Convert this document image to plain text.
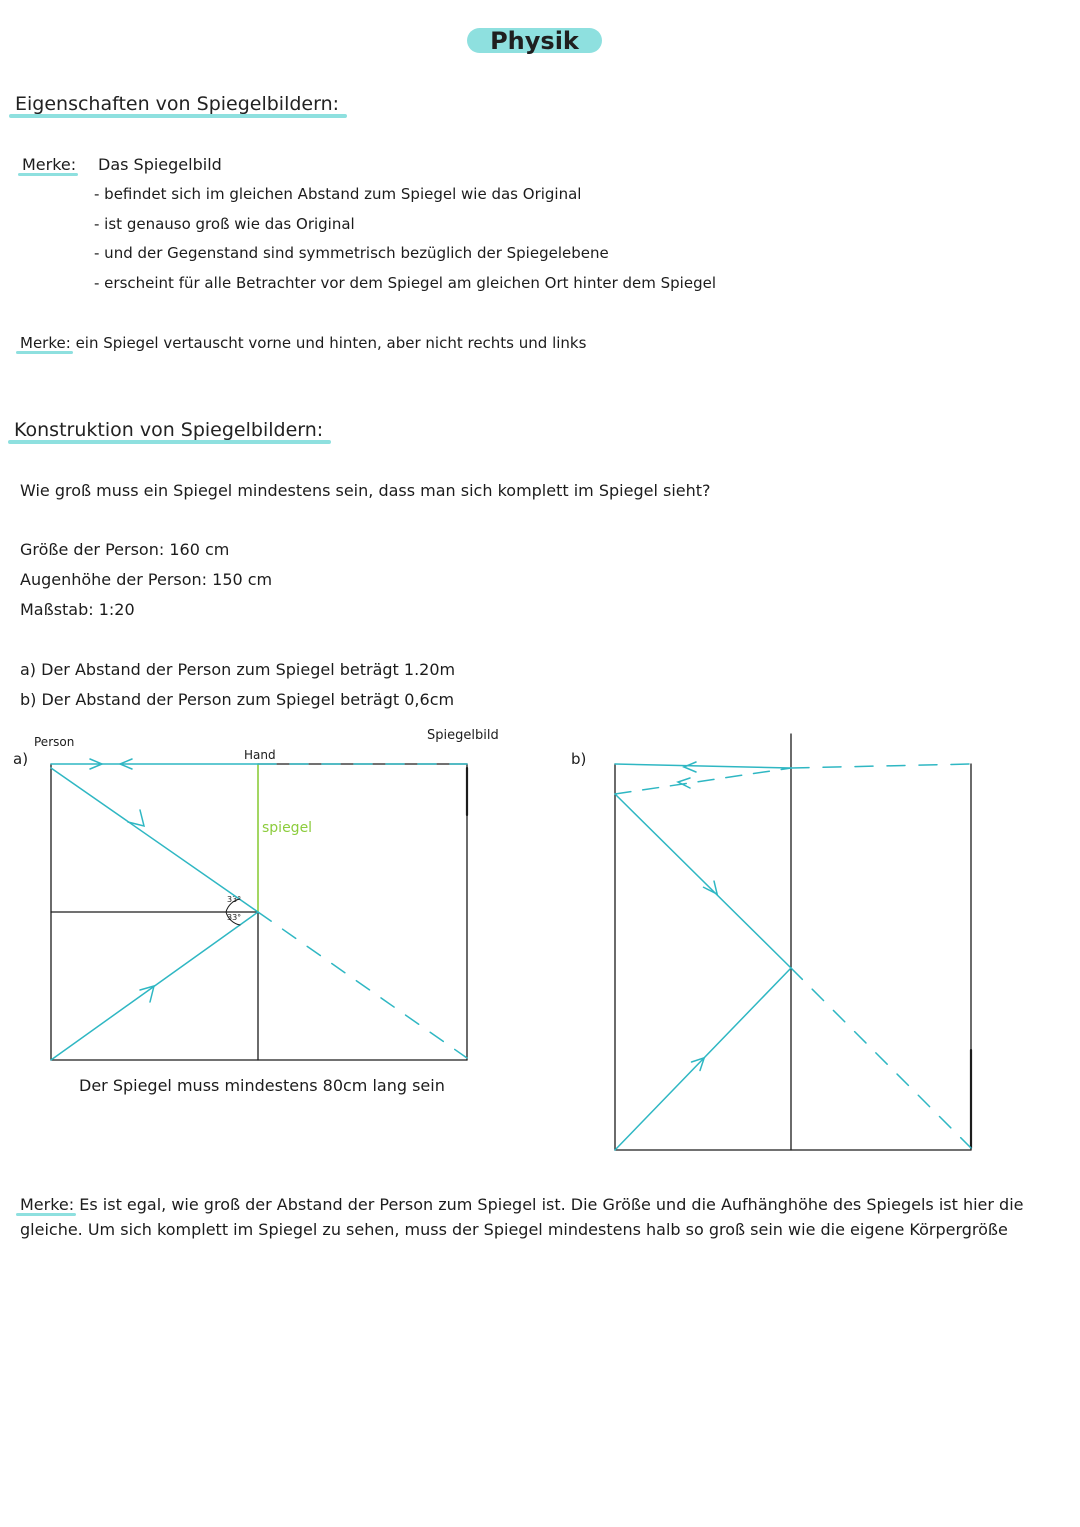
Physik
Eigenschaften von Spiegelbildern:
Merke: Das Spiegelbild
- befindet sich im gleichen Abstand zum Spiegel wie das Original
- ist genauso groß wie das Original
- und der Gegenstand sind symmetrisch bezüglich der Spiegelebene
- erscheint für alle Betrachter vor dem Spiegel am gleichen Ort hinter dem Spiegel
Merke: ein Spiegel vertauscht vorne und hinten, aber nicht rechts und links
Konstruktion von Spiegelbildern:
Wie groß muss ein Spiegel mindestens sein, dass man sich komplett im Spiegel sieht?
Größe der Person: 160 cm
Augenhöhe der Person: 150 cm
Maßstab: 1:20
a) Der Abstand der Person zum Spiegel beträgt 1.20m
b) Der Abstand der Person zum Spiegel beträgt 0,6cm
a)
Person
Hand
spiegel
Spiegelbild
33°
33°
Der Spiegel muss mindestens 80cm lang sein
b)
Merke: Es ist egal, wie groß der Abstand der Person zum Spiegel ist. Die Größe und die Aufhänghöhe des Spiegels ist hier die
gleiche. Um sich komplett im Spiegel zu sehen, muss der Spiegel mindestens halb so groß sein wie die eigene Körpergröße
